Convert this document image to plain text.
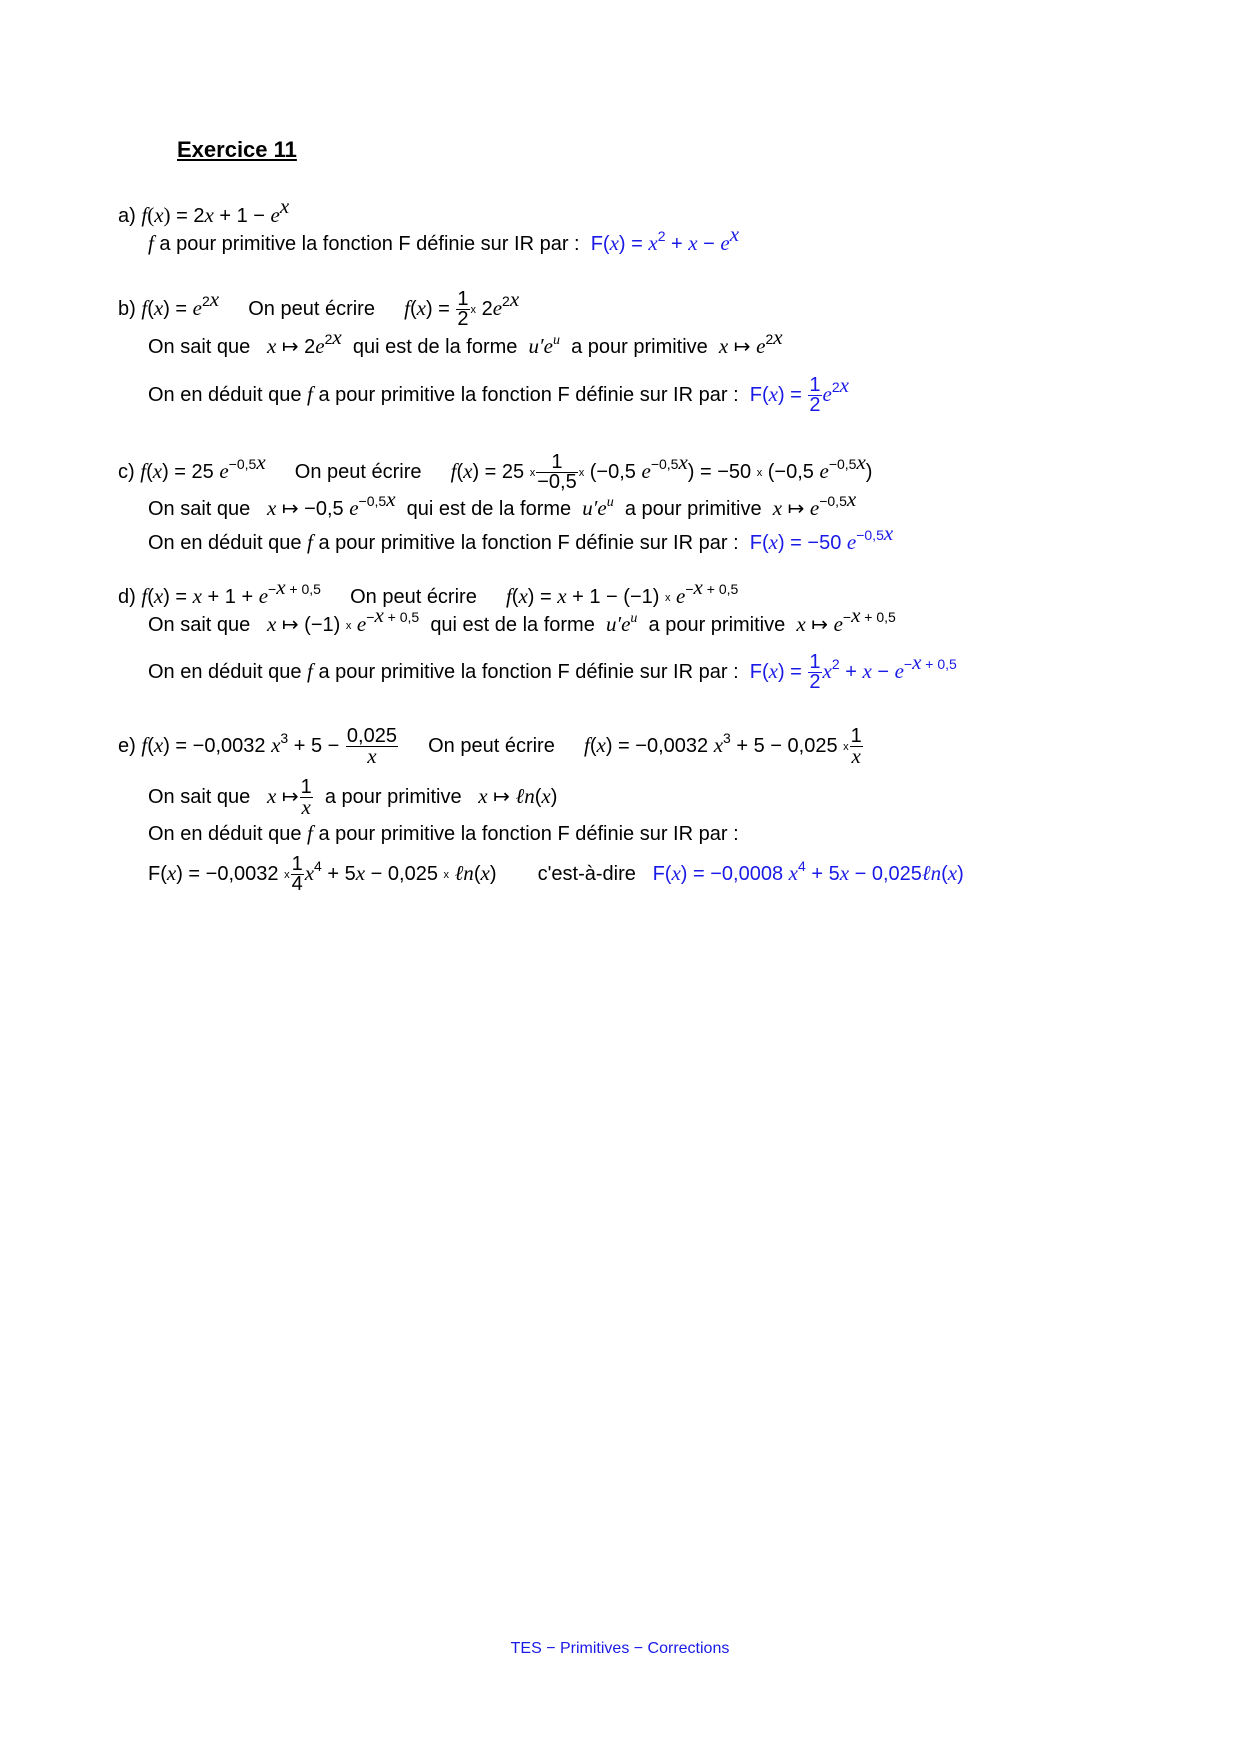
Exercice 11
a) $f(x) = 2x + 1 - e^x$
f a pour primitive la fonction F définie sur IR par :  $F(x) = x^2 + x - e^x$
b) $f(x) = e^{2x}$ On peut écrire $f(x) = \frac{1}{2}$ x $2e^{2x}$
On sait que x ↦ $2e^{2x}$ qui est de la forme $u'e^u$ a pour primitive x ↦ $e^{2x}$
On en déduit que f a pour primitive la fonction F définie sur IR par :  $F(x) = \frac{1}{2} e^{2x}$
c) f(x) = 25 $e^{-0,5x}$ On peut écrire f(x) = 25 x $\frac{1}{-0,5}$ x (−0,5 $e^{-0,5x}) = -50$ x (−0,5 $e^{-0,5x}$)
On sait que x ↦ −0,5 $e^{-0,5x}$ qui est de la forme $u'e^u$ a pour primitive x ↦ $e^{-0,5x}$
On en déduit que f a pour primitive la fonction F définie sur IR par :  F(x) = −50 $e^{-0,5x}$
d) $f(x) = x + 1 + e^{-x + 0,5}$ On peut écrire f(x) = x + 1 − (−1) x $e^{-x + 0,5}$
On sait que x ↦ (−1) x $e^{-x + 0,5}$ qui est de la forme $u'e^u$ a pour primitive x ↦ $e^{-x + 0,5}$
On en déduit que f a pour primitive la fonction F définie sur IR par :  $F(x) = \frac{1}{2} x^2 + x - e^{-x + 0,5}$
e) f(x) = −0,0032 $x^3 + 5 - \frac{0,025}{x}$ On peut écrire f(x) = −0,0032 $x^3 + 5 - 0,025$ x $\frac{1}{x}$
On sait que x ↦ $\frac{1}{x}$ a pour primitive x ↦ ℓn(x)
On en déduit que f a pour primitive la fonction F définie sur IR par :
F(x) = −0,0032 x $\frac{1}{4} x^4 + 5x - 0,025$ x ℓn(x)  c'est-à-dire   F(x) = −0,0008 $x^4 + 5x$ − 0,025ℓn(x)
TES − Primitives − Corrections
